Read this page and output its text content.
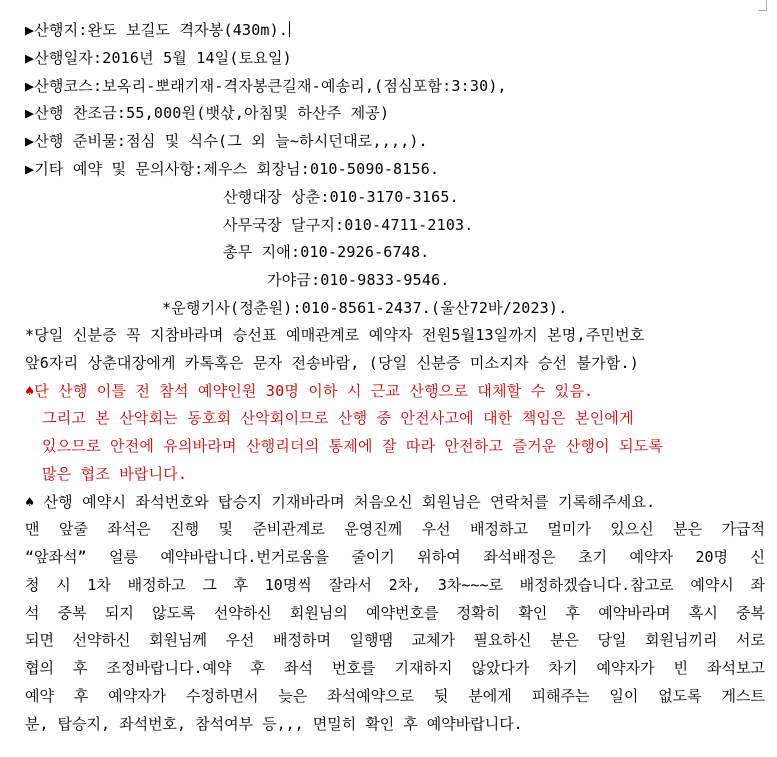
▶산행지:완도 보길도 격자봉(430m).
▶산행일자:2016년 5월 14일(토요일)
▶산행코스:보옥리-뽀래기재-격자봉큰길재-예송리,(점심포함:3:30),
▶산행 찬조금:55,000원(뱃삯,아침및 하산주 제공)
▶산행 준비물:점심 및 식수(그 외 늘~하시던대로,,,,).
▶기타 예약 및 문의사항:제우스 회장님:010-5090-8156.
산행대장 상춘:010-3170-3165.
사무국장 달구지:010-4711-2103.
총무 지애:010-2926-6748.
가야금:010-9833-9546.
*운행기사(정춘원):010-8561-2437.(울산72바/2023).
*당일 신분증 꼭 지참바라며 승선표 예매관계로 예약자 전원5월13일까지 본명,주민번호
앞6자리 상춘대장에게 카톡혹은 문자 전송바람, (당일 신분증 미소지자 승선 불가함.)
♠단 산행 이틀 전 참석 예약인원 30명 이하 시 근교 산행으로 대체할 수 있음.
그리고 본 산악회는 동호회 산악회이므로 산행 중 안전사고에 대한 책임은 본인에게
있으므로 안전에 유의바라며 산행리더의 통제에 잘 따라 안전하고 즐거운 산행이 되도록
많은 협조 바랍니다.
♠ 산행 예약시 좌석번호와 탑승지 기재바라며 처음오신 회원님은 연락처를 기록해주세요.
맨 앞줄 좌석은 진행 및 준비관계로 운영진께 우선 배정하고 멀미가 있으신 분은 가급적
“앞좌석” 얼릉 예약바랍니다.번거로움을 줄이기 위하여 좌석배정은 초기 예약자 20명 신
청 시 1차 배정하고 그 후 10명씩 잘라서 2차, 3차~~~로 배정하겠습니다.참고로 예약시 좌
석 중복 되지 않도록 선약하신 회원님의 예약번호를 정확히 확인 후 예약바라며 혹시 중복
되면 선약하신 회원님께 우선 배정하며 일행땜 교체가 필요하신 분은 당일 회원님끼리 서로
협의 후 조정바랍니다.예약 후 좌석 번호를 기재하지 않았다가 차기 예약자가 빈 좌석보고
예약 후 예약자가 수정하면서 늦은 좌석예약으로 뒷 분에게 피해주는 일이 없도록 게스트
분, 탑승지, 좌석번호, 참석여부 등,,, 면밀히 확인 후 예약바랍니다.
